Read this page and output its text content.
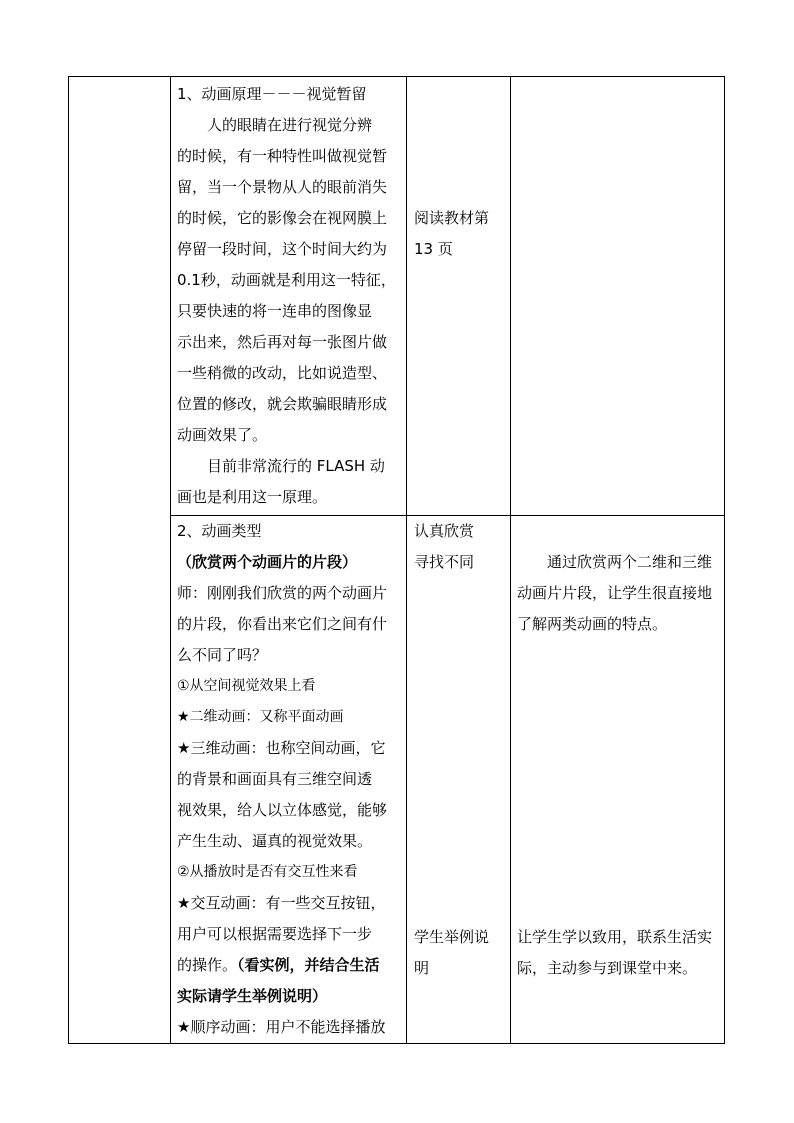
1、动画原理－－－视觉暂留

人的眼睛在进行视觉分辨

的时候，有一种特性叫做视觉暂

留，当一个景物从人的眼前消失

的时候，它的影像会在视网膜上

停留一段时间，这个时间大约为

0.1秒，动画就是利用这一特征，

只要快速的将一连串的图像显

示出来，然后再对每一张图片做

一些稍微的改动，比如说造型、

位置的修改，就会欺骗眼睛形成

动画效果了。

目前非常流行的 FLASH 动

画也是利用这一原理。

阅读教材第

13 页

2、动画类型

（欣赏两个动画片的片段）

师：刚刚我们欣赏的两个动画片

的片段，你看出来它们之间有什

么不同了吗？

①从空间视觉效果上看

★二维动画：又称平面动画

★三维动画：也称空间动画，它

的背景和画面具有三维空间透

视效果，给人以立体感觉，能够

产生生动、逼真的视觉效果。

②从播放时是否有交互性来看

★交互动画：有一些交互按钮，

用户可以根据需要选择下一步

的操作。（看实例，并结合生活

实际请学生举例说明）

★顺序动画：用户不能选择播放

认真欣赏

寻找不同

学生举例说

明

通过欣赏两个二维和三维

动画片片段，让学生很直接地

了解两类动画的特点。

让学生学以致用，联系生活实

际，主动参与到课堂中来。
